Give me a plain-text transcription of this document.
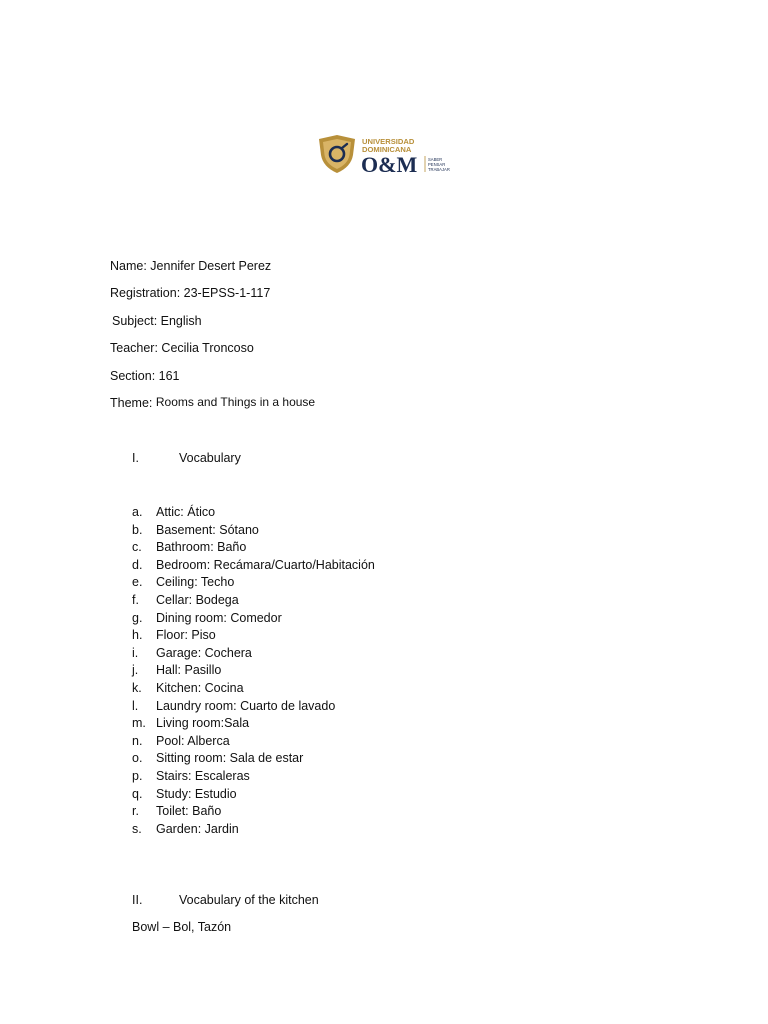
UNIVERSIDAD
DOMINICANA
O&M	SABER
PENSAR
TRABAJAR
Name: Jennifer Desert Perez
Registration: 23-EPSS-1-117
Subject: English
Teacher: Cecilia Troncoso
Section: 161
Theme: Rooms and Things in a house
I.	Vocabulary
a.	Attic: Ático
b.	Basement: Sótano
c.	Bathroom: Baño
d.	Bedroom: Recámara/Cuarto/Habitación
e.	Ceiling: Techo
f.	Cellar: Bodega
g.	Dining room: Comedor
h.	Floor: Piso
i.	Garage: Cochera
j.	Hall: Pasillo
k.	Kitchen: Cocina
l.	Laundry room: Cuarto de lavado
m. Living room:Sala
n.	Pool: Alberca
o.	Sitting room: Sala de estar
p.	Stairs: Escaleras
q.	Study: Estudio
r.	Toilet: Baño
s.	Garden: Jardin
II.	Vocabulary of the kitchen
Bowl – Bol, Tazón
